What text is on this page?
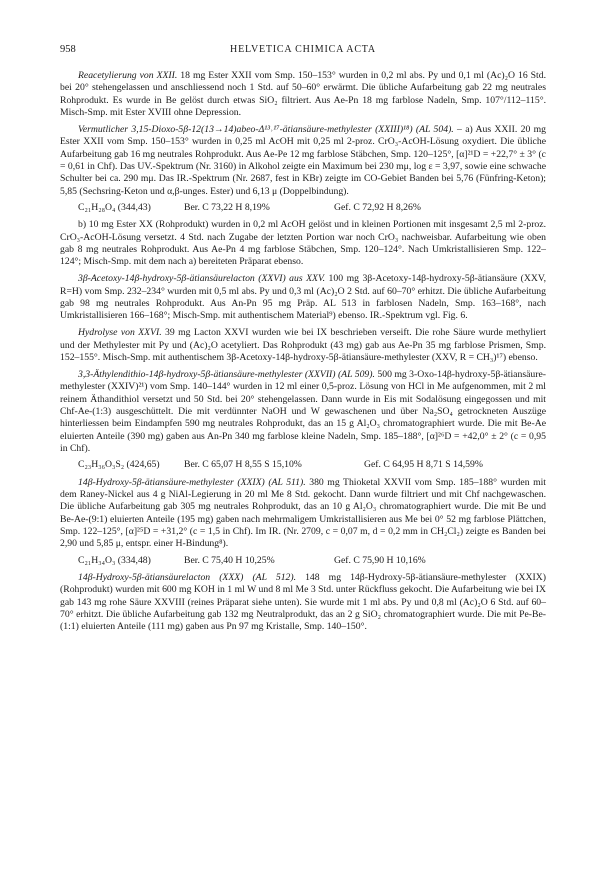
958	HELVETICA CHIMICA ACTA

Reacetylierung von XXII. 18 mg Ester XXII vom Smp. 150–153° wurden in 0,2 ml abs. Py und 0,1 ml (Ac)₂O 16 Std. bei 20° stehengelassen und anschliessend noch 1 Std. auf 50–60° erwärmt. Die übliche Aufarbeitung gab 22 mg neutrales Rohprodukt. Es wurde in Be gelöst durch etwas SiO₂ filtriert. Aus Ae-Pn 18 mg farblose Nadeln, Smp. 107°/112–115°. Misch-Smp. mit Ester XVIII ohne Depression.

Vermutlicher 3,15-Dioxo-5β-12(13→14)abeo-Δ¹³˒¹⁷-ätiansäure-methylester (XXIII)¹⁸) (AL 504). – a) Aus XXII. 20 mg Ester XXII vom Smp. 150–153° wurden in 0,25 ml AcOH mit 0,25 ml 2-proz. CrO₃-AcOH-Lösung oxydiert. Die übliche Aufarbeitung gab 16 mg neutrales Rohprodukt. Aus Ae-Pe 12 mg farblose Stäbchen, Smp. 120–125°, [α]²¹D = +22,7° ± 3° (c = 0,61 in Chf). Das UV.-Spektrum (Nr. 3160) in Alkohol zeigte ein Maximum bei 230 mμ, log ε = 3,97, sowie eine schwache Schulter bei ca. 290 mμ. Das IR.-Spektrum (Nr. 2687, fest in KBr) zeigte im CO-Gebiet Banden bei 5,76 (Fünfring-Keton); 5,85 (Sechsring-Keton und α,β-unges. Ester) und 6,13 μ (Doppelbindung).

C₂₁H₂₈O₄ (344,43)	Ber. C 73,22 H 8,19%	Gef. C 72,92 H 8,26%

b) 10 mg Ester XX (Rohprodukt) wurden in 0,2 ml AcOH gelöst und in kleinen Portionen mit insgesamt 2,5 ml 2-proz. CrO₃-AcOH-Lösung versetzt. 4 Std. nach Zugabe der letzten Portion war noch CrO₃ nachweisbar. Aufarbeitung wie oben gab 8 mg neutrales Rohprodukt. Aus Ae-Pn 4 mg farblose Stäbchen, Smp. 120–124°. Nach Umkristallisieren Smp. 122–124°; Misch-Smp. mit dem nach a) bereiteten Präparat ebenso.

3β-Acetoxy-14β-hydroxy-5β-ätiansäurelacton (XXVI) aus XXV. 100 mg 3β-Acetoxy-14β-hydroxy-5β-ätiansäure (XXV, R=H) vom Smp. 232–234° wurden mit 0,5 ml abs. Py und 0,3 ml (Ac)₂O 2 Std. auf 60–70° erhitzt. Die übliche Aufarbeitung gab 98 mg neutrales Rohprodukt. Aus An-Pn 95 mg Präp. AL 513 in farblosen Nadeln, Smp. 163–168°, nach Umkristallisieren 166–168°; Misch-Smp. mit authentischem Material⁹) ebenso. IR.-Spektrum vgl. Fig. 6.

Hydrolyse von XXVI. 39 mg Lacton XXVI wurden wie bei IX beschrieben verseift. Die rohe Säure wurde methyliert und der Methylester mit Py und (Ac)₂O acetyliert. Das Rohprodukt (43 mg) gab aus Ae-Pn 35 mg farblose Prismen, Smp. 152–155°. Misch-Smp. mit authentischem 3β-Acetoxy-14β-hydroxy-5β-ätiansäure-methylester (XXV, R = CH₃)¹⁷) ebenso.

3,3-Äthylendithio-14β-hydroxy-5β-ätiansäure-methylester (XXVII) (AL 509). 500 mg 3-Oxo-14β-hydroxy-5β-ätiansäure-methylester (XXIV)²¹) vom Smp. 140–144° wurden in 12 ml einer 0,5-proz. Lösung von HCl in Me aufgenommen, mit 2 ml reinem Äthandithiol versetzt und 50 Std. bei 20° stehengelassen. Dann wurde in Eis mit Sodalösung eingegossen und mit Chf-Ae-(1:3) ausgeschüttelt. Die mit verdünnter NaOH und W gewaschenen und über Na₂SO₄ getrockneten Auszüge hinterliessen beim Eindampfen 590 mg neutrales Rohprodukt, das an 15 g Al₂O₃ chromatographiert wurde. Die mit Be-Ae eluierten Anteile (390 mg) gaben aus An-Pn 340 mg farblose kleine Nadeln, Smp. 185–188°, [α]²⁶D = +42,0° ± 2° (c = 0,95 in Chf).

C₂₃H₃₆O₃S₂ (424,65)	Ber. C 65,07 H 8,55 S 15,10%	Gef. C 64,95 H 8,71 S 14,59%

14β-Hydroxy-5β-ätiansäure-methylester (XXIX) (AL 511). 380 mg Thioketal XXVII vom Smp. 185–188° wurden mit dem Raney-Nickel aus 4 g NiAl-Legierung in 20 ml Me 8 Std. gekocht. Dann wurde filtriert und mit Chf nachgewaschen. Die übliche Aufarbeitung gab 305 mg neutrales Rohprodukt, das an 10 g Al₂O₃ chromatographiert wurde. Die mit Be und Be-Ae-(9:1) eluierten Anteile (195 mg) gaben nach mehrmaligem Umkristallisieren aus Me bei 0° 52 mg farblose Plättchen, Smp. 122–125°, [α]²⁵D = +31,2° (c = 1,5 in Chf). Im IR. (Nr. 2709, c = 0,07 m, d = 0,2 mm in CH₂Cl₂) zeigte es Banden bei 2,90 und 5,85 μ, entspr. einer H-Bindung⁸).

C₂₁H₃₄O₃ (334,48)	Ber. C 75,40 H 10,25%	Gef. C 75,90 H 10,16%

14β-Hydroxy-5β-ätiansäurelacton (XXX) (AL 512). 148 mg 14β-Hydroxy-5β-ätiansäure-methylester (XXIX) (Rohprodukt) wurden mit 600 mg KOH in 1 ml W und 8 ml Me 3 Std. unter Rückfluss gekocht. Die Aufarbeitung wie bei IX gab 143 mg rohe Säure XXVIII (reines Präparat siehe unten). Sie wurde mit 1 ml abs. Py und 0,8 ml (Ac)₂O 6 Std. auf 60–70° erhitzt. Die übliche Aufarbeitung gab 132 mg Neutralprodukt, das an 2 g SiO₂ chromatographiert wurde. Die mit Pe-Be-(1:1) eluierten Anteile (111 mg) gaben aus Pn 97 mg Kristalle, Smp. 140–150°.
